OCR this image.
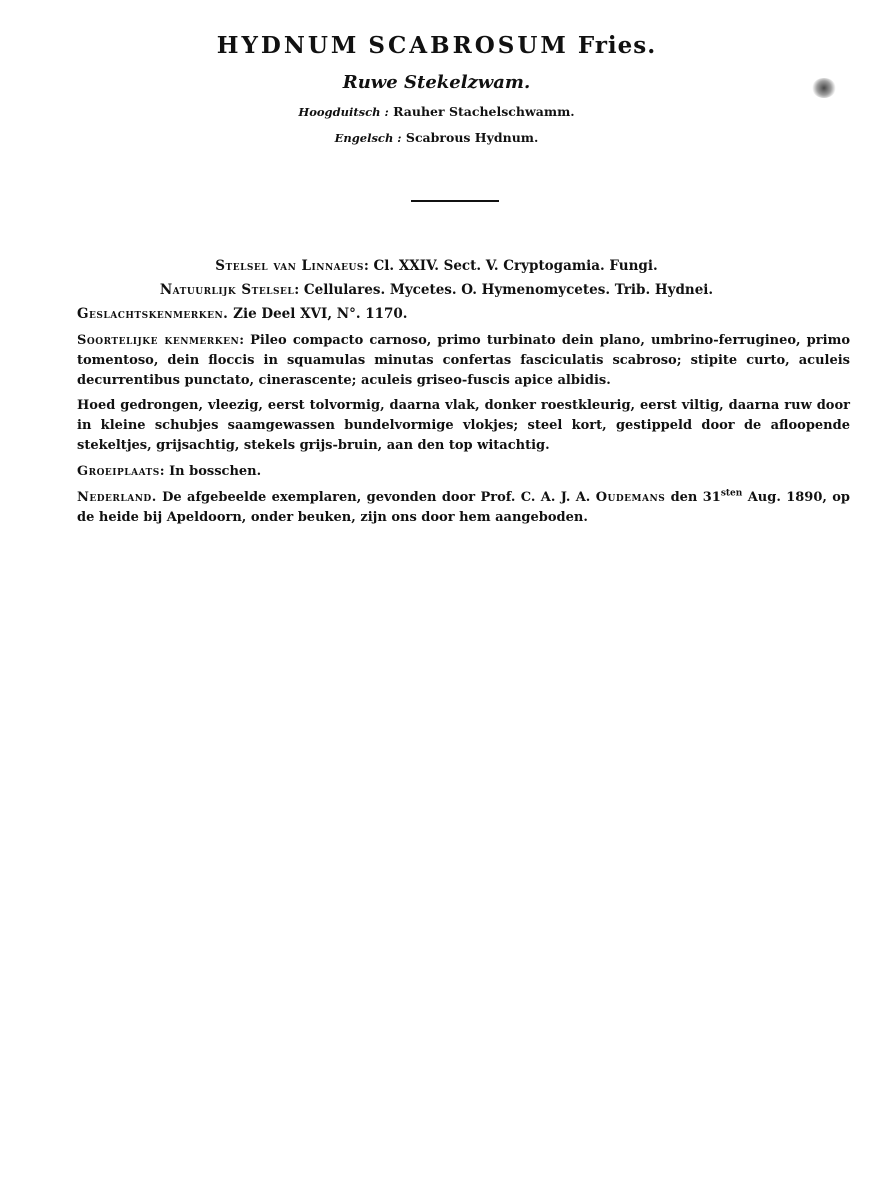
HYDNUM SCABROSUM Fries.
Ruwe Stekelzwam.
Hoogduitsch : Rauher Stachelschwamm.
Engelsch : Scabrous Hydnum.
Stelsel van Linnaeus: Cl. XXIV. Sect. V. Cryptogamia. Fungi.
Natuurlijk Stelsel: Cellulares. Mycetes. O. Hymenomycetes. Trib. Hydnei.
Geslachtskenmerken. Zie Deel XVI, N°. 1170.
Soortelijke kenmerken: Pileo compacto carnoso, primo turbinato dein plano, umbrino-ferrugineo, primo tomentoso, dein floccis in squamulas minutas confertas fasciculatis scabroso; stipite curto, aculeis decurrentibus punctato, cinerascente; aculeis griseo-fuscis apice albidis.
Hoed gedrongen, vleezig, eerst tolvormig, daarna vlak, donker roestkleurig, eerst viltig, daarna ruw door in kleine schubjes saamgewassen bundelvormige vlokjes; steel kort, gestippeld door de afloopende stekeltjes, grijsachtig, stekels grijs-bruin, aan den top witachtig.
Groeiplaats: In bosschen.
Nederland. De afgebeelde exemplaren, gevonden door Prof. C. A. J. A. Oudemans den $31^{sten}$ Aug. 1890, op de heide bij Apeldoorn, onder beuken, zijn ons door hem aangeboden.
